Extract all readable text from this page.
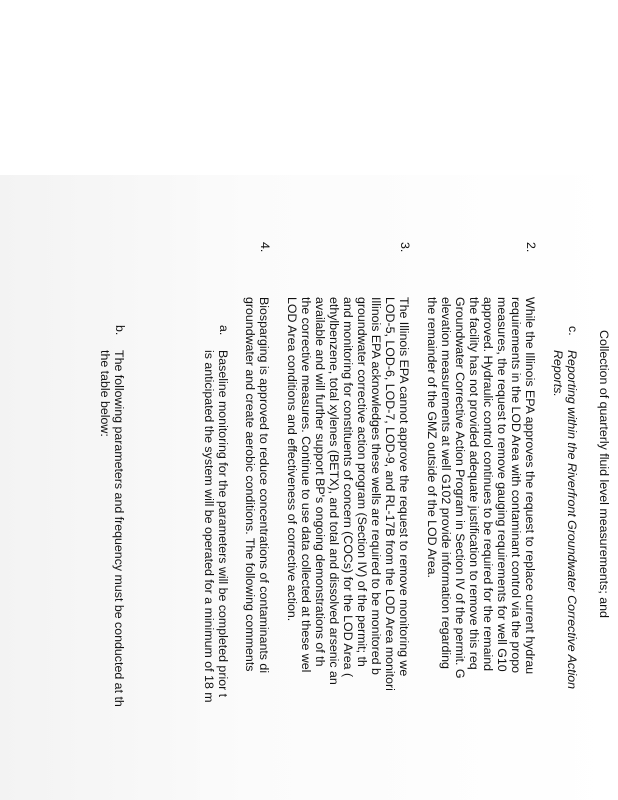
Collection of quarterly fluid level measurements; and
c.
Reporting within the Riverfront Groundwater Corrective Action
Reports.
2.
While the Illinois EPA approves the request to replace current hydrau
requirements in the LOD Area with contaminant control via the propo
measures, the request to remove gauging requirements for well G10
approved. Hydraulic control continues to be required for the remaind
the facility has not provided adequate justification to remove this req
Groundwater Corrective Action Program in Section IV of the permit. G
elevation measurements at well G102 provide information regarding
the remainder of the GMZ outside of the LOD Area.
3.
The Illinois EPA cannot approve the request to remove monitoring we
LOD-5, LOD-6, LOD-7, LOD-9, and RL-17B from the LOD Area monitori
Illinois EPA acknowledges these wells are required to be monitored b
groundwater corrective action program (Section IV) of the permit; th
and monitoring for constituents of concern (COCs) for the LOD Area (
ethylbenzene, total xylenes (BETX), and total and dissolved arsenic an
available and will further support BP's ongoing demonstrations of th
the corrective measures. Continue to use data collected at these wel
LOD Area conditions and effectiveness of corrective action.
4.
Biosparging is approved to reduce concentrations of contaminants di
groundwater and create aerobic conditions. The following comments
a.
Baseline monitoring for the parameters will be completed prior t
is anticipated the system will be operated for a minimum of 18 m
b.
The following parameters and frequency must be conducted at th
the table below:
